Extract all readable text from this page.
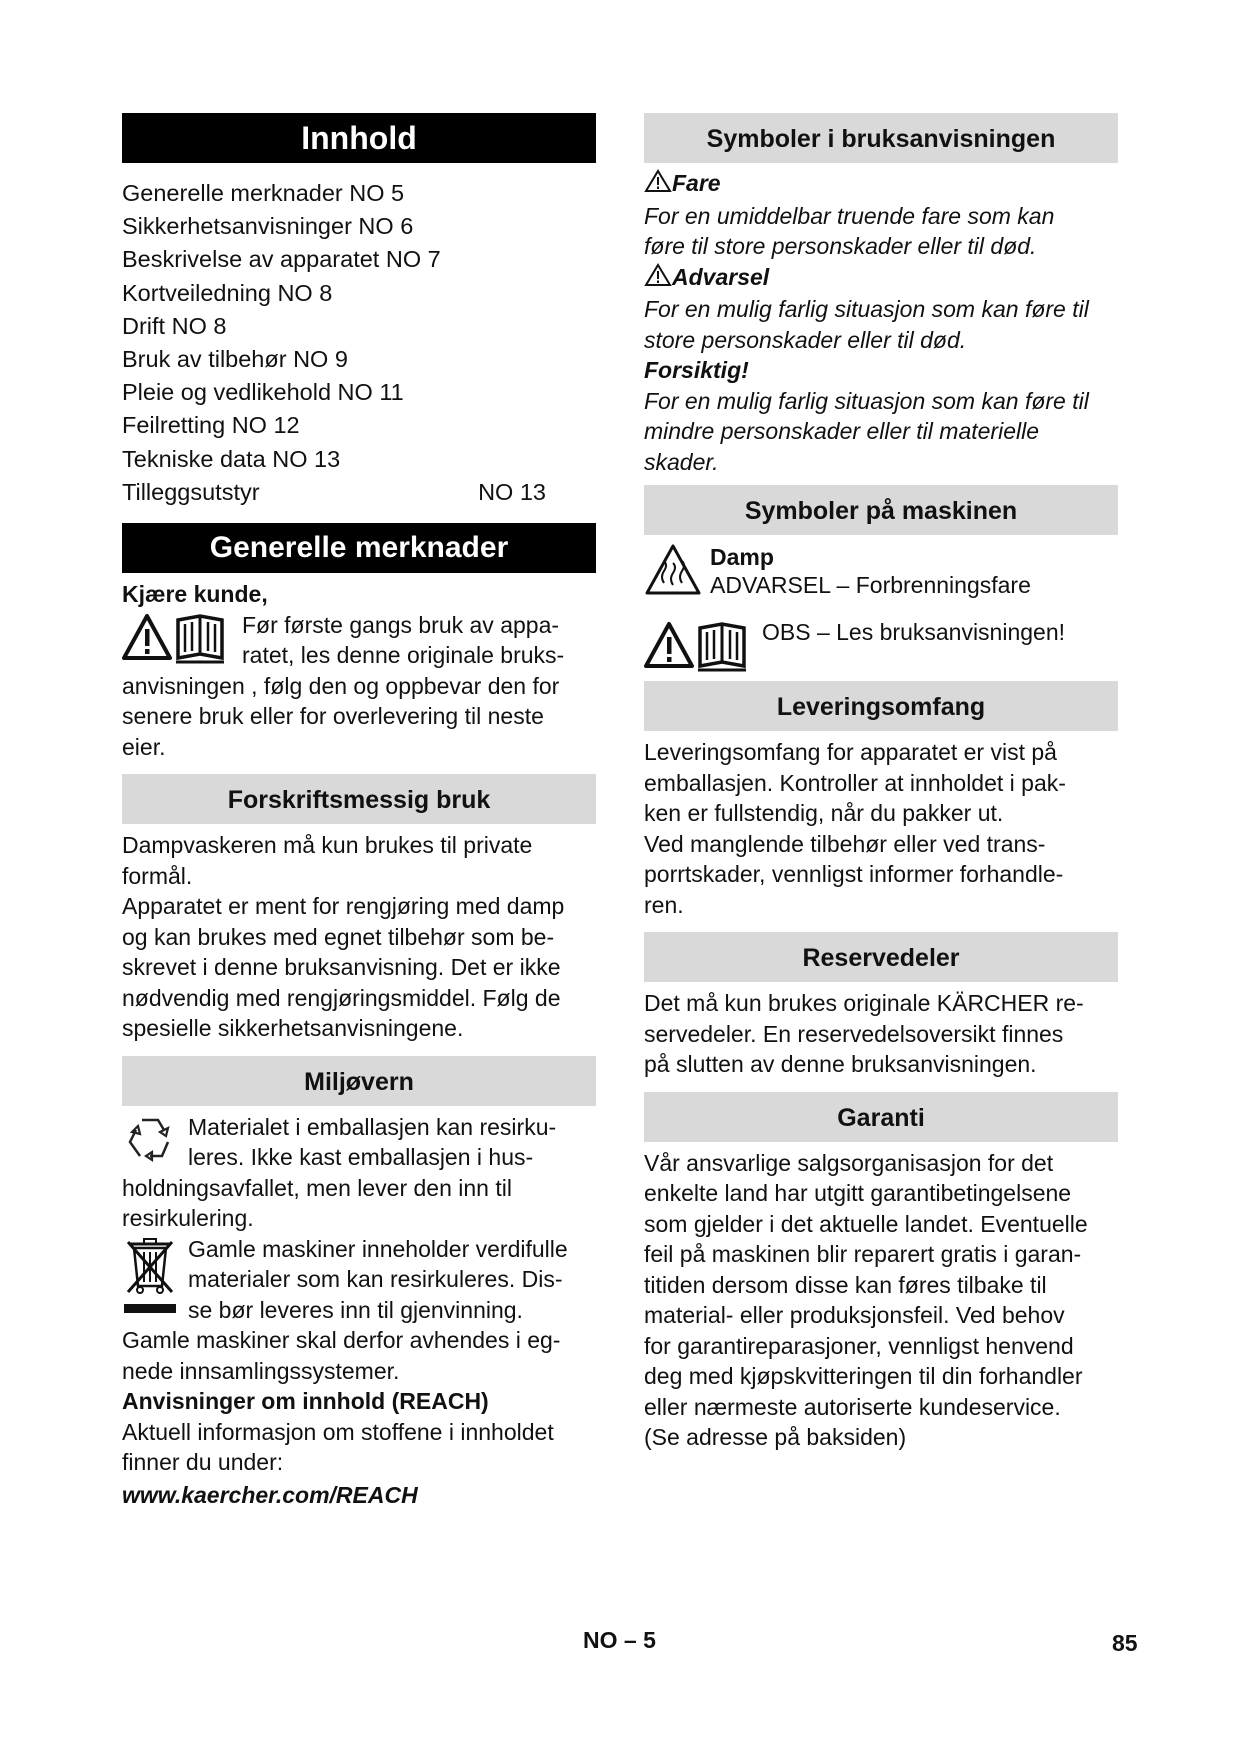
Innhold
Generelle merknader NO 5
Sikkerhetsanvisninger NO 6
Beskrivelse av apparatet NO 7
Kortveiledning NO 8
Drift NO 8
Bruk av tilbehør NO 9
Pleie og vedlikehold NO 11
Feilretting NO 12
Tekniske data NO 13
Tilleggsutstyr	NO 13
Generelle merknader

Kjære kunde,

Før første gangs bruk av appa-

ratet, les denne originale bruks-

anvisningen , følg den og oppbevar den for

senere bruk eller for overlevering til neste

eier.

Forskriftsmessig bruk

Dampvaskeren må kun brukes til private

formål.

Apparatet er ment for rengjøring med damp

og kan brukes med egnet tilbehør som be-

skrevet i denne bruksanvisning. Det er ikke

nødvendig med rengjøringsmiddel. Følg de

spesielle sikkerhetsanvisningene.

Miljøvern

Materialet i emballasjen kan resirku-

leres. Ikke kast emballasjen i hus-

holdningsavfallet, men lever den inn til

resirkulering.

Gamle maskiner inneholder verdifulle

materialer som kan resirkuleres. Dis-

se bør leveres inn til gjenvinning.

Gamle maskiner skal derfor avhendes i eg-

nede innsamlingssystemer.

Anvisninger om innhold (REACH)

Aktuell informasjon om stoffene i innholdet

finner du under:

www.kaercher.com/REACH

Symboler i bruksanvisningen

Fare

For en umiddelbar truende fare som kan

føre til store personskader eller til død.

Advarsel

For en mulig farlig situasjon som kan føre til

store personskader eller til død.

Forsiktig!

For en mulig farlig situasjon som kan føre til

mindre personskader eller til materielle

skader.

Symboler på maskinen
Damp
ADVARSEL – Forbrenningsfare
OBS – Les bruksanvisningen!
Leveringsomfang

Leveringsomfang for apparatet er vist på

emballasjen. Kontroller at innholdet i pak-

ken er fullstendig, når du pakker ut.

Ved manglende tilbehør eller ved trans-

porrtskader, vennligst informer forhandle-

ren.

Reservedeler

Det må kun brukes originale KÄRCHER re-

servedeler. En reservedelsoversikt finnes

på slutten av denne bruksanvisningen.

Garanti

Vår ansvarlige salgsorganisasjon for det

enkelte land har utgitt garantibetingelsene

som gjelder i det aktuelle landet. Eventuelle

feil på maskinen blir reparert gratis i garan-

titiden dersom disse kan føres tilbake til

material- eller produksjonsfeil. Ved behov

for garantireparasjoner, vennligst henvend

deg med kjøpskvitteringen til din forhandler

eller nærmeste autoriserte kundeservice.

(Se adresse på baksiden)

NO – 5	85
